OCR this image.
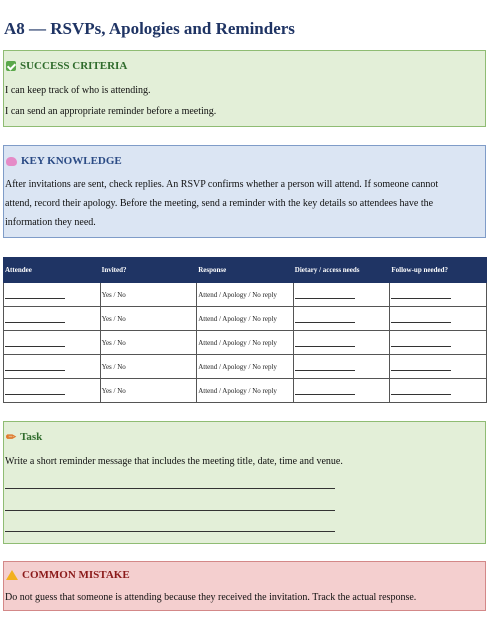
A8 — RSVPs, Apologies and Reminders
SUCCESS CRITERIA
I can keep track of who is attending.
I can send an appropriate reminder before a meeting.
KEY KNOWLEDGE
After invitations are sent, check replies. An RSVP confirms whether a person will attend. If someone cannot
attend, record their apology. Before the meeting, send a reminder with the key details so attendees have the
information they need.
Attendee	Invited?	Response	Dietary / access needs	Follow-up needed?
	Yes / No	Attend / Apology / No reply		
	Yes / No	Attend / Apology / No reply		
	Yes / No	Attend / Apology / No reply		
	Yes / No	Attend / Apology / No reply		
	Yes / No	Attend / Apology / No reply		
✏ Task
Write a short reminder message that includes the meeting title, date, time and venue.
COMMON MISTAKE
Do not guess that someone is attending because they received the invitation. Track the actual response.
